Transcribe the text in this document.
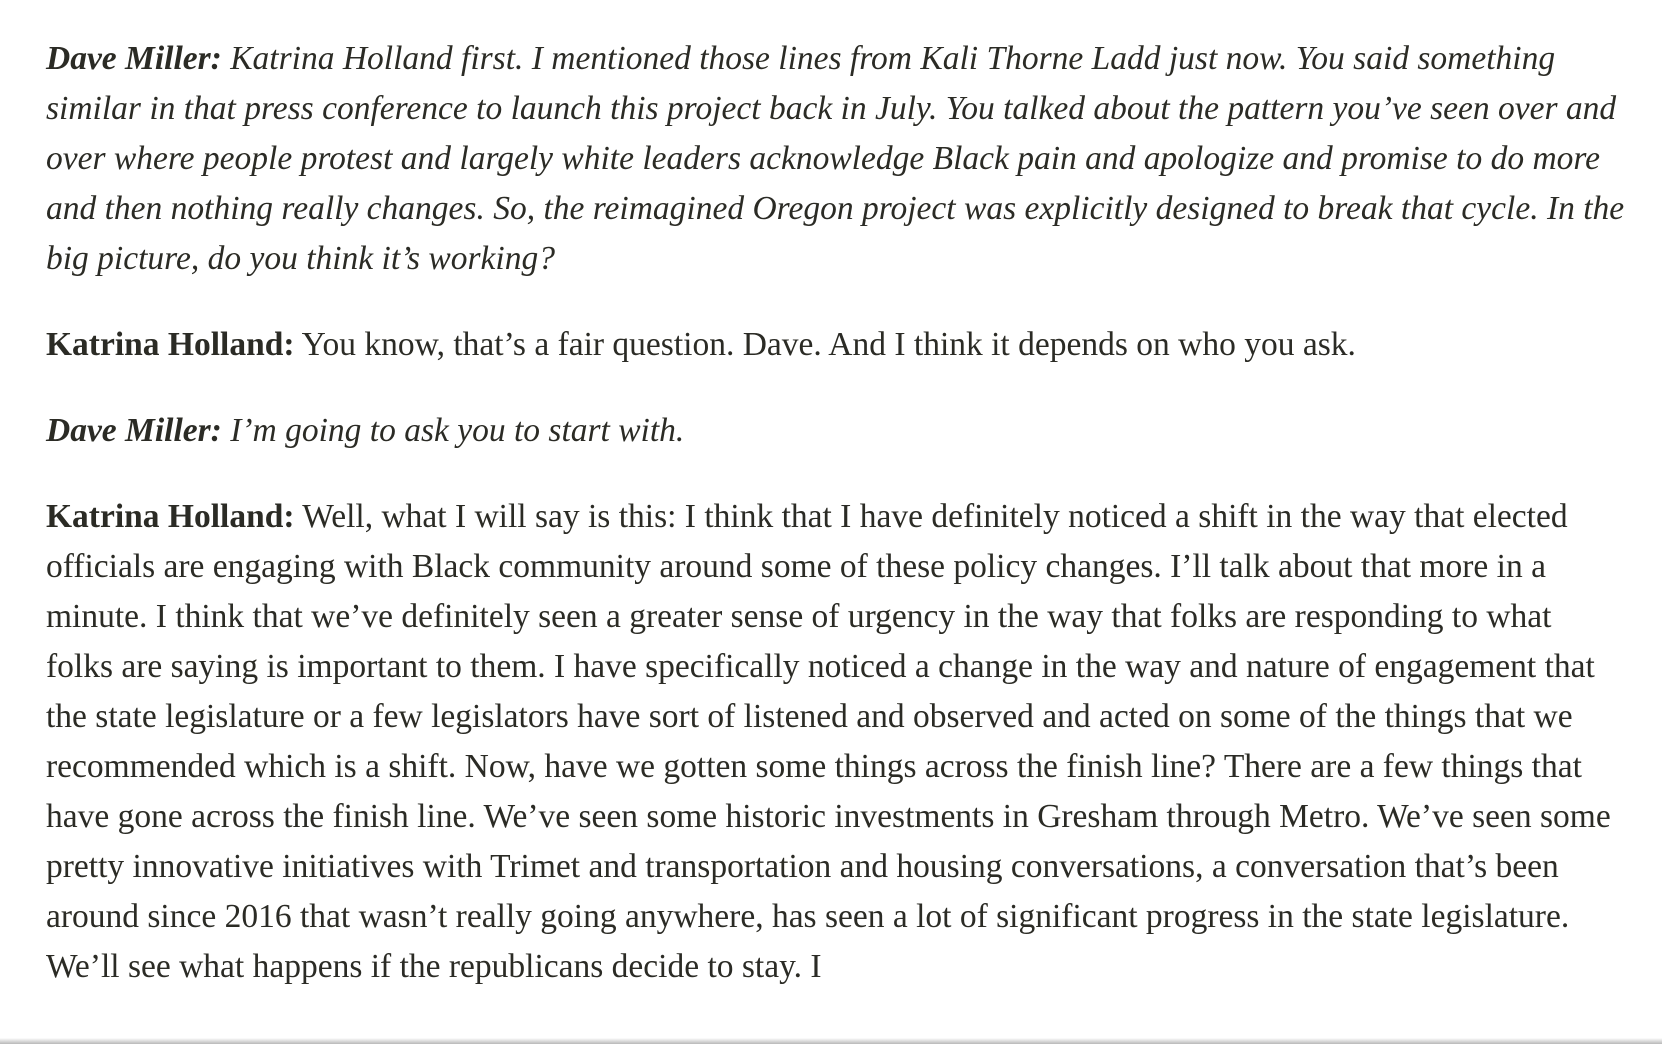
Dave Miller: Katrina Holland first. I mentioned those lines from Kali Thorne Ladd just now. You said something similar in that press conference to launch this project back in July. You talked about the pattern you’ve seen over and over where people protest and largely white leaders acknowledge Black pain and apologize and promise to do more and then nothing really changes. So, the reimagined Oregon project was explicitly designed to break that cycle. In the big picture, do you think it’s working?

Katrina Holland: You know, that’s a fair question. Dave. And I think it depends on who you ask.

Dave Miller: I’m going to ask you to start with.

Katrina Holland: Well, what I will say is this: I think that I have definitely noticed a shift in the way that elected officials are engaging with Black community around some of these policy changes. I’ll talk about that more in a minute. I think that we’ve definitely seen a greater sense of urgency in the way that folks are responding to what folks are saying is important to them. I have specifically noticed a change in the way and nature of engagement that the state legislature or a few legislators have sort of listened and observed and acted on some of the things that we recommended which is a shift. Now, have we gotten some things across the finish line? There are a few things that have gone across the finish line. We’ve seen some historic investments in Gresham through Metro. We’ve seen some pretty innovative initiatives with Trimet and transportation and housing conversations, a conversation that’s been around since 2016 that wasn’t really going anywhere, has seen a lot of significant progress in the state legislature. We’ll see what happens if the republicans decide to stay. I
